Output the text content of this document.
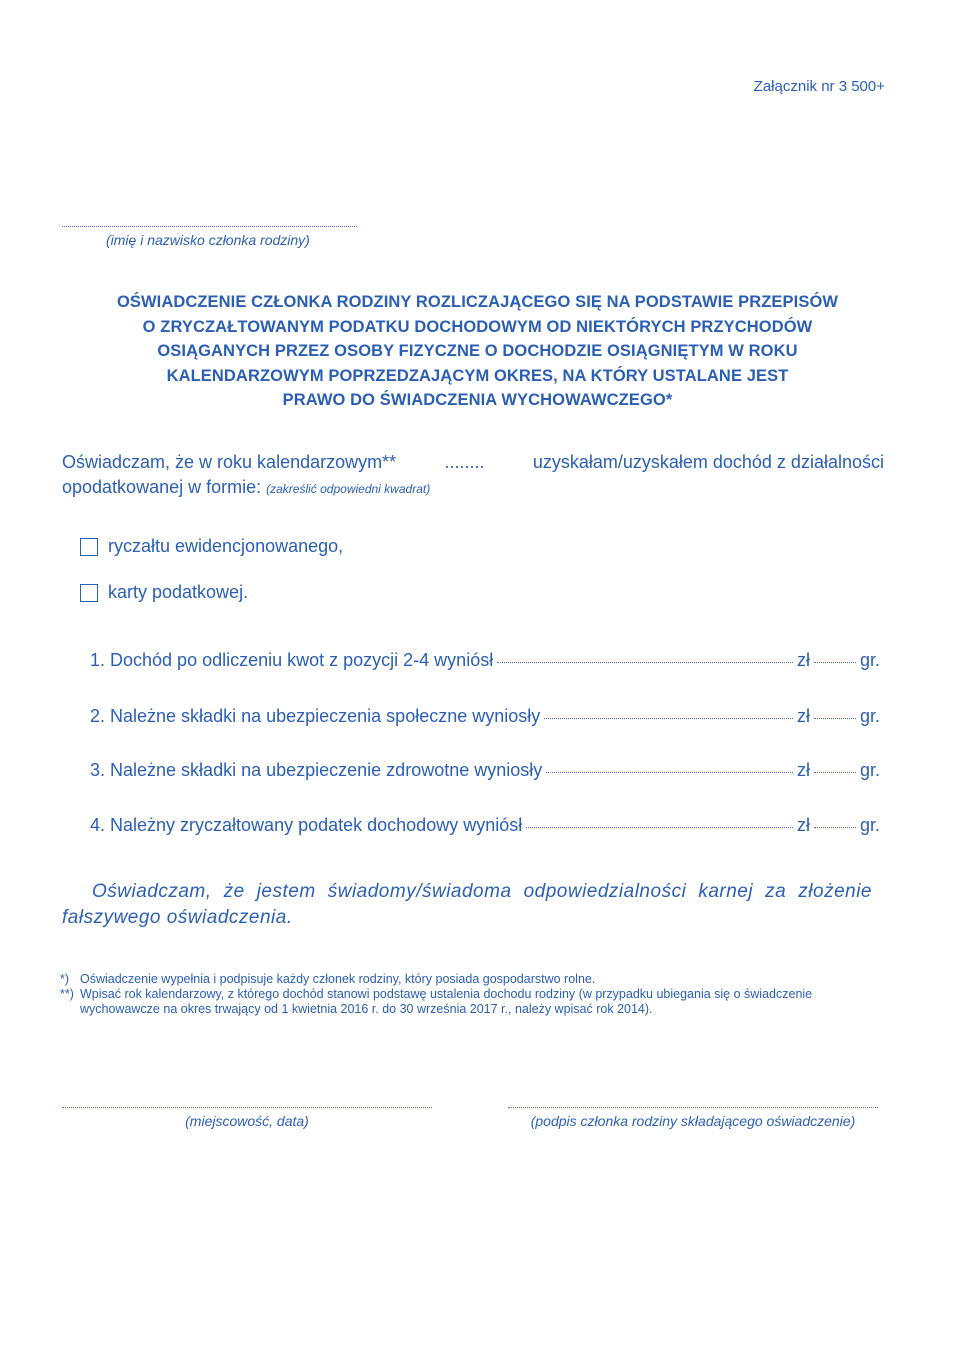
Załącznik nr 3 500+
(imię i nazwisko członka rodziny)
OŚWIADCZENIE CZŁONKA RODZINY ROZLICZAJĄCEGO SIĘ NA PODSTAWIE PRZEPISÓW
O ZRYCZAŁTOWANYM PODATKU DOCHODOWYM OD NIEKTÓRYCH PRZYCHODÓW
OSIĄGANYCH PRZEZ OSOBY FIZYCZNE O DOCHODZIE OSIĄGNIĘTYM W ROKU
KALENDARZOWYM POPRZEDZAJĄCYM OKRES, NA KTÓRY USTALANE JEST
PRAWO DO ŚWIADCZENIA WYCHOWAWCZEGO*
Oświadczam, że w roku kalendarzowym**	........	uzyskałam/uzyskałem dochód z działalności
opodatkowanej w formie: (zakreślić odpowiedni kwadrat)
ryczałtu ewidencjonowanego,
karty podatkowej.
1. Dochód po odliczeniu kwot z pozycji 2-4 wyniósł	zł	gr.
2. Należne składki na ubezpieczenia społeczne wyniosły	zł	gr.
3. Należne składki na ubezpieczenie zdrowotne wyniosły	zł	gr.
4. Należny zryczałtowany podatek dochodowy wyniósł	zł	gr.
Oświadczam, że jestem świadomy/świadoma odpowiedzialności karnej za złożenie fałszywego oświadczenia.
*) Oświadczenie wypełnia i podpisuje każdy członek rodziny, który posiada gospodarstwo rolne.
**) Wpisać rok kalendarzowy, z którego dochód stanowi podstawę ustalenia dochodu rodziny (w przypadku ubiegania się o świadczenie wychowawcze na okres trwający od 1 kwietnia 2016 r. do 30 września 2017 r., należy wpisać rok 2014).
(miejscowość, data)	(podpis członka rodziny składającego oświadczenie)
